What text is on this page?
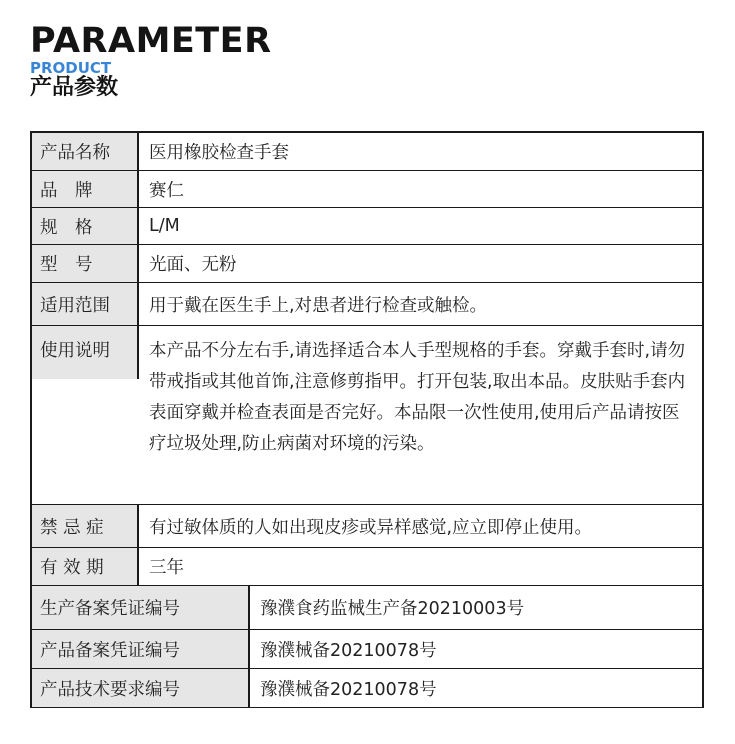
PARAMETER
PRODUCT
产品参数
产品名称	医用橡胶检查手套
品　牌	赛仁
规　格	L/M
型　号	光面、无粉
适用范围	用于戴在医生手上,对患者进行检查或触检。
使用说明	本产品不分左右手,请选择适合本人手型规格的手套。穿戴手套时,请勿带戒指或其他首饰,注意修剪指甲。打开包装,取出本品。皮肤贴手套内表面穿戴并检查表面是否完好。本品限一次性使用,使用后产品请按医疗垃圾处理,防止病菌对环境的污染。
禁 忌 症	有过敏体质的人如出现皮疹或异样感觉,应立即停止使用。
有 效 期	三年
生产备案凭证编号	豫濮食药监械生产备20210003号
产品备案凭证编号	豫濮械备20210078号
产品技术要求编号	豫濮械备20210078号
